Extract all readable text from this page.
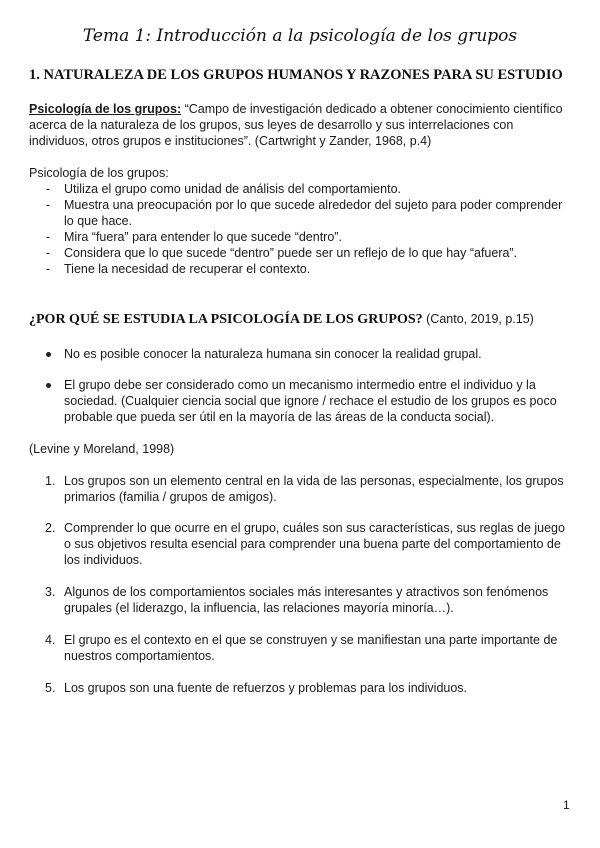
Tema 1: Introducción a la psicología de los grupos
1. NATURALEZA DE LOS GRUPOS HUMANOS Y RAZONES PARA SU ESTUDIO
Psicología de los grupos: “Campo de investigación dedicado a obtener conocimiento científico acerca de la naturaleza de los grupos, sus leyes de desarrollo y sus interrelaciones con individuos, otros grupos e instituciones”. (Cartwright y Zander, 1968, p.4)
Psicología de los grupos:
- Utiliza el grupo como unidad de análisis del comportamiento.
- Muestra una preocupación por lo que sucede alrededor del sujeto para poder comprender lo que hace.
- Mira “fuera” para entender lo que sucede “dentro”.
- Considera que lo que sucede “dentro” puede ser un reflejo de lo que hay “afuera”.
- Tiene la necesidad de recuperar el contexto.
¿POR QUÉ SE ESTUDIA LA PSICOLOGÍA DE LOS GRUPOS? (Canto, 2019, p.15)
No es posible conocer la naturaleza humana sin conocer la realidad grupal.
El grupo debe ser considerado como un mecanismo intermedio entre el individuo y la sociedad. (Cualquier ciencia social que ignore / rechace el estudio de los grupos es poco probable que pueda ser útil en la mayoría de las áreas de la conducta social).
(Levine y Moreland, 1998)
1. Los grupos son un elemento central en la vida de las personas, especialmente, los grupos primarios (familia / grupos de amigos).
2. Comprender lo que ocurre en el grupo, cuáles son sus características, sus reglas de juego o sus objetivos resulta esencial para comprender una buena parte del comportamiento de los individuos.
3. Algunos de los comportamientos sociales más interesantes y atractivos son fenómenos grupales (el liderazgo, la influencia, las relaciones mayoría minoría…).
4. El grupo es el contexto en el que se construyen y se manifiestan una parte importante de nuestros comportamientos.
5. Los grupos son una fuente de refuerzos y problemas para los individuos.
1
